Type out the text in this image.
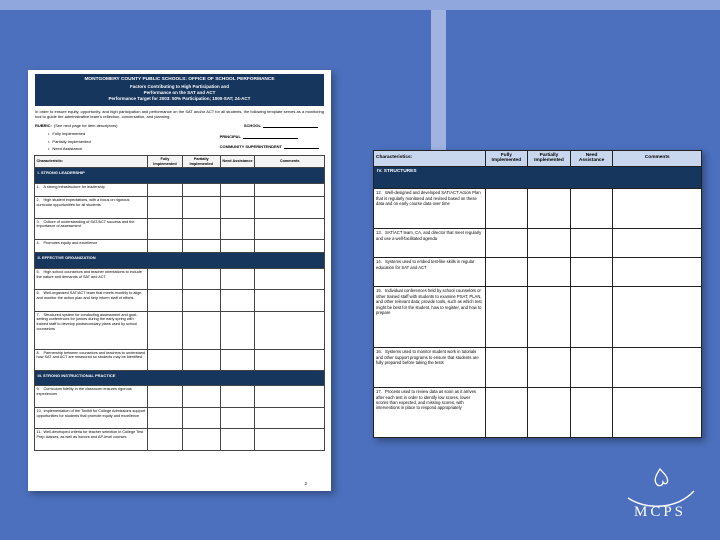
MONTGOMERY COUNTY PUBLIC SCHOOLS: OFFICE OF SCHOOL PERFORMANCE
Factors Contributing to High Participation and
Performance on the SAT and ACT
Performance Target for 2003: 50% Participation; 1000-SAT; 24-ACT

In order to ensure equity, opportunity, and high participation and performance on the SAT and/or ACT for all students, the following template serves as a monitoring tool to guide the administrative team's reflection, conversation, and planning.

RUBRIC: (See next page for item descriptors)	SCHOOL
• Fully Implemented
• Partially Implemented
• Need Assistance
PRINCIPAL
COMMUNITY SUPERINTENDENT
Characteristic:	Fully Implemented	Partially Implemented	Need Assistance	Comments
I. STRONG LEADERSHIP				
1. A strong infrastructure for leadership				
2. High student expectations, with a focus on rigorous curricular opportunities for all students				
3. Culture of understanding of SAT/ACT success and the importance of assessment				
4. Promotes equity and excellence				
II. EFFECTIVE ORGANIZATION				
5. High school counselors and teacher orientations to include the nature and demands of SAT and ACT				
6. Well-organized SAT/ACT team that meets monthly to align and monitor the action plan and help inform staff of efforts				
7. Structured system for conducting assessment and goal-setting conferences for juniors during the early spring with trained staff to develop postsecondary plans used by school counselors				
8. Partnership between counselors and teachers to understand how SAT and ACT are measured so students may be identified				
III. STRONG INSTRUCTIONAL PRACTICE				
9. Curriculum fidelity in the classroom ensures rigorous experiences				
10. Implementation of the Toolkit for College Admissions support opportunities for students that promote equity and excellence				
11. Well-developed criteria for teacher selection in College Test Prep classes, as well as honors and AP-level courses				
2
Characteristics:	Fully Implemented	Partially Implemented	Need Assistance	Comments
IV. STRUCTURES				
12. Well-designed and developed SAT/ACT Action Plan that is regularly monitored and revised based on these data and on early course data over time				
13. SAT/ACT team, CA, and director that meet regularly and use a well-facilitated agenda				
14. Systems used to embed test-like skills in regular education for SAT and ACT				
15. Individual conferences held by school counselors or other trained staff with students to examine PSAT, PLAN, and other relevant data; provide tools, such as which test might be best for the student, how to register, and how to prepare				
16. Systems used to monitor student work in tutorials and other support programs to ensure that students are fully prepared before taking the tests				
17. Process used to review data as soon as it arrives after each test in order to identify low scores, lower scores than expected, and missing scores, with interventions in place to respond appropriately				
MCPS
